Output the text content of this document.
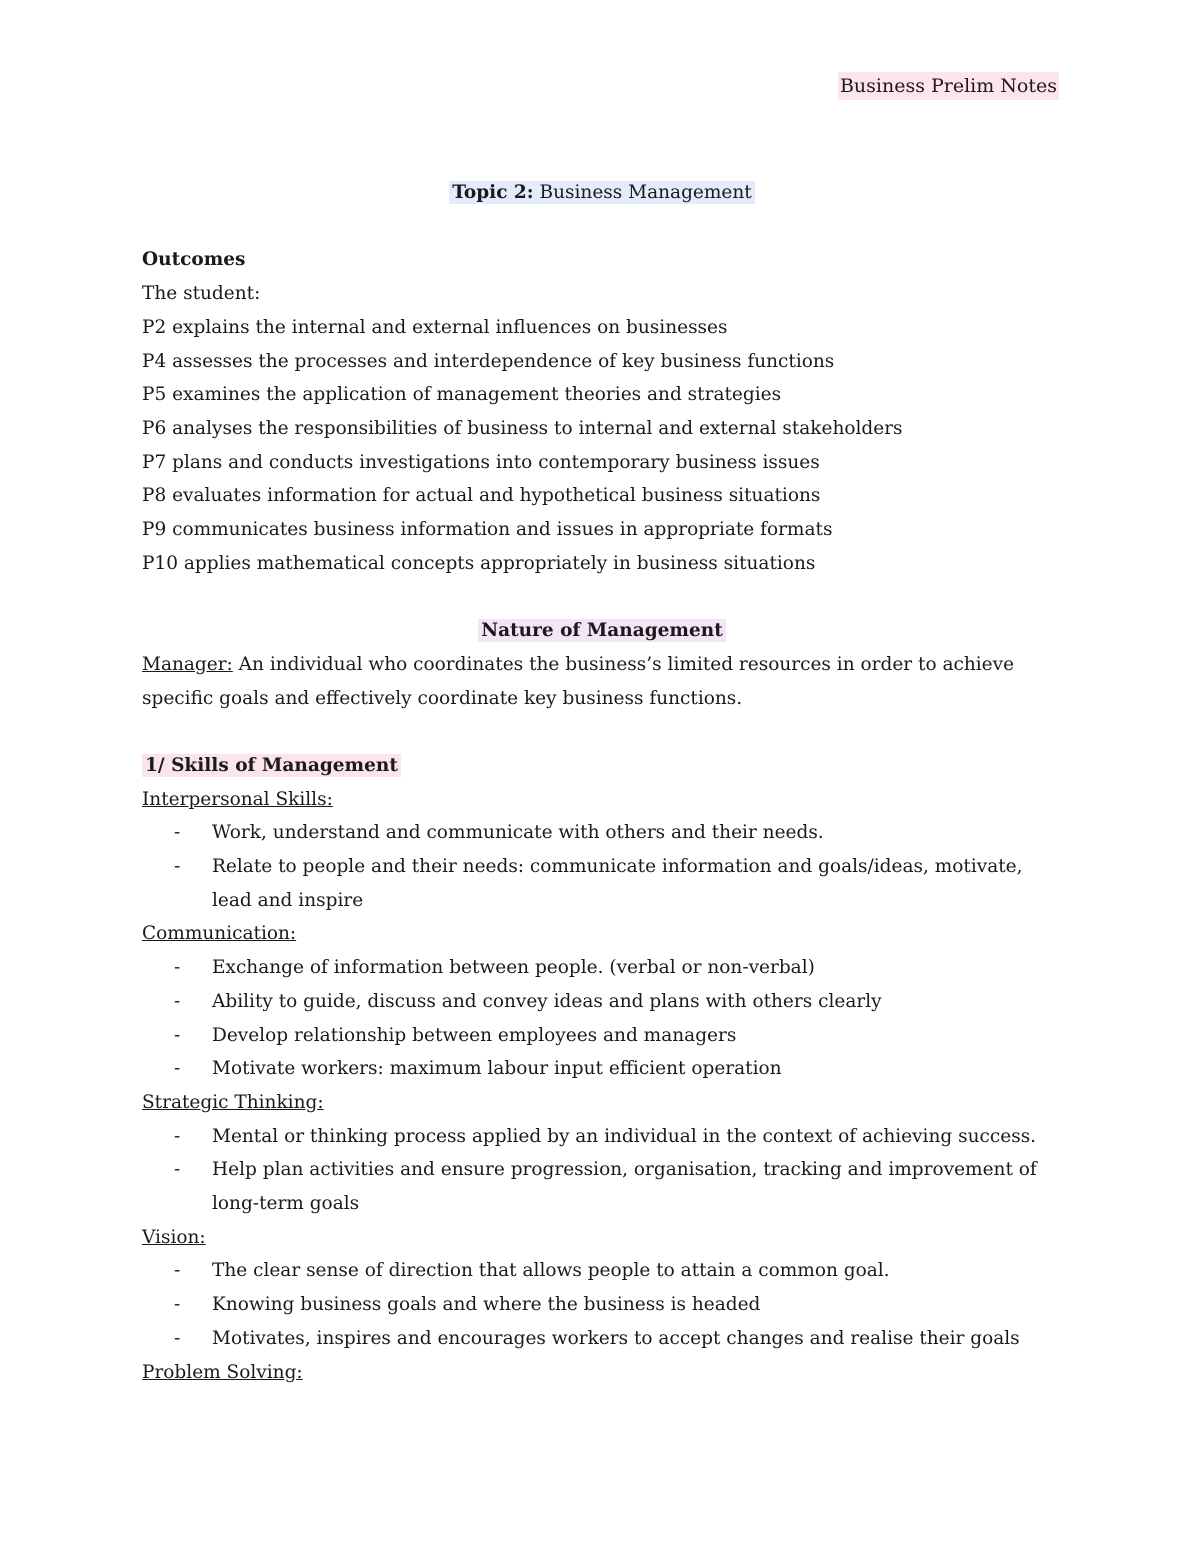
Business Prelim Notes
Topic 2: Business Management
Outcomes
The student:
P2 explains the internal and external influences on businesses
P4 assesses the processes and interdependence of key business functions
P5 examines the application of management theories and strategies
P6 analyses the responsibilities of business to internal and external stakeholders
P7 plans and conducts investigations into contemporary business issues
P8 evaluates information for actual and hypothetical business situations
P9 communicates business information and issues in appropriate formats
P10 applies mathematical concepts appropriately in business situations
Nature of Management
Manager: An individual who coordinates the business’s limited resources in order to achieve specific goals and effectively coordinate key business functions.
1/ Skills of Management
Interpersonal Skills:
- Work, understand and communicate with others and their needs.
- Relate to people and their needs: communicate information and goals/ideas, motivate, lead and inspire
Communication:
- Exchange of information between people. (verbal or non-verbal)
- Ability to guide, discuss and convey ideas and plans with others clearly
- Develop relationship between employees and managers
- Motivate workers: maximum labour input efficient operation
Strategic Thinking:
- Mental or thinking process applied by an individual in the context of achieving success.
- Help plan activities and ensure progression, organisation, tracking and improvement of long-term goals
Vision:
- The clear sense of direction that allows people to attain a common goal.
- Knowing business goals and where the business is headed
- Motivates, inspires and encourages workers to accept changes and realise their goals
Problem Solving:
